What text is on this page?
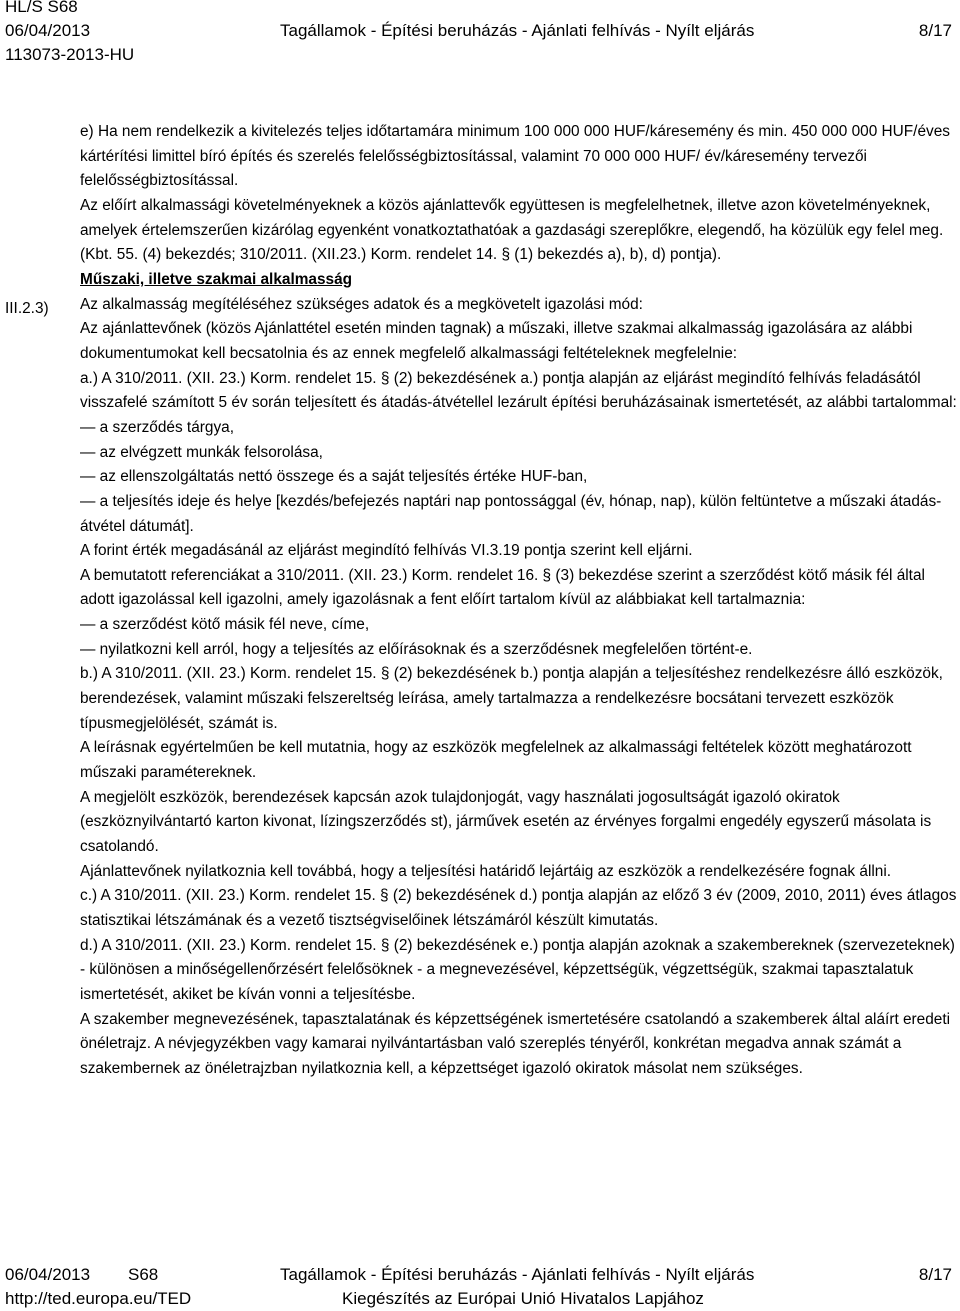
HL/S S68
06/04/2013	Tagállamok - Építési beruházás - Ajánlati felhívás - Nyílt eljárás	8/17
113073-2013-HU
III.2.3)

e) Ha nem rendelkezik a kivitelezés teljes időtartamára minimum 100 000 000 HUF/káresemény és min. 450 000 000 HUF/éves kártérítési limittel bíró építés és szerelés felelősségbiztosítással, valamint 70 000 000 HUF/ év/káresemény tervezői felelősségbiztosítással.

Az előírt alkalmassági követelményeknek a közös ajánlattevők együttesen is megfelelhetnek, illetve azon követelményeknek, amelyek értelemszerűen kizárólag egyenként vonatkoztathatóak a gazdasági szereplőkre, elegendő, ha közülük egy felel meg. (Kbt. 55. (4) bekezdés; 310/2011. (XII.23.) Korm. rendelet 14. § (1) bekezdés a), b), d) pontja).

Műszaki, illetve szakmai alkalmasság

Az alkalmasság megítéléséhez szükséges adatok és a megkövetelt igazolási mód:

Az ajánlattevőnek (közös Ajánlattétel esetén minden tagnak) a műszaki, illetve szakmai alkalmasság igazolására az alábbi dokumentumokat kell becsatolnia és az ennek megfelelő alkalmassági feltételeknek megfelelnie:

a.) A 310/2011. (XII. 23.) Korm. rendelet 15. § (2) bekezdésének a.) pontja alapján az eljárást megindító felhívás feladásától visszafelé számított 5 év során teljesített és átadás-átvétellel lezárult építési beruházásainak ismertetését, az alábbi tartalommal:

— a szerződés tárgya,

— az elvégzett munkák felsorolása,

— az ellenszolgáltatás nettó összege és a saját teljesítés értéke HUF-ban,

— a teljesítés ideje és helye [kezdés/befejezés naptári nap pontossággal (év, hónap, nap), külön feltüntetve a műszaki átadás-átvétel dátumát].

A forint érték megadásánál az eljárást megindító felhívás VI.3.19 pontja szerint kell eljárni.

A bemutatott referenciákat a 310/2011. (XII. 23.) Korm. rendelet 16. § (3) bekezdése szerint a szerződést kötő másik fél által adott igazolással kell igazolni, amely igazolásnak a fent előírt tartalom kívül az alábbiakat kell tartalmaznia:

— a szerződést kötő másik fél neve, címe,

— nyilatkozni kell arról, hogy a teljesítés az előírásoknak és a szerződésnek megfelelően történt-e.

b.) A 310/2011. (XII. 23.) Korm. rendelet 15. § (2) bekezdésének b.) pontja alapján a teljesítéshez rendelkezésre álló eszközök, berendezések, valamint műszaki felszereltség leírása, amely tartalmazza a rendelkezésre bocsátani tervezett eszközök típusmegjelölését, számát is.

A leírásnak egyértelműen be kell mutatnia, hogy az eszközök megfelelnek az alkalmassági feltételek között meghatározott műszaki paramétereknek.

A megjelölt eszközök, berendezések kapcsán azok tulajdonjogát, vagy használati jogosultságát igazoló okiratok (eszköznyilvántartó karton kivonat, lízingszerződés st), járművek esetén az érvényes forgalmi engedély egyszerű másolata is csatolandó.

Ajánlattevőnek nyilatkoznia kell továbbá, hogy a teljesítési határidő lejártáig az eszközök a rendelkezésére fognak állni.

c.) A 310/2011. (XII. 23.) Korm. rendelet 15. § (2) bekezdésének d.) pontja alapján az előző 3 év (2009, 2010, 2011) éves átlagos statisztikai létszámának és a vezető tisztségviselőinek létszámáról készült kimutatás.

d.) A 310/2011. (XII. 23.) Korm. rendelet 15. § (2) bekezdésének e.) pontja alapján azoknak a szakembereknek (szervezeteknek) - különösen a minőségellenőrzésért felelősöknek - a megnevezésével, képzettségük, végzettségük, szakmai tapasztalatuk ismertetését, akiket be kíván vonni a teljesítésbe.

A szakember megnevezésének, tapasztalatának és képzettségének ismertetésére csatolandó a szakemberek által aláírt eredeti önéletrajz. A névjegyzékben vagy kamarai nyilvántartásban való szereplés tényéről, konkrétan megadva annak számát a szakembernek az önéletrajzban nyilatkoznia kell, a képzettséget igazoló okiratok másolat nem szükséges.

06/04/2013 S68	Tagállamok - Építési beruházás - Ajánlati felhívás - Nyílt eljárás	8/17
http://ted.europa.eu/TED	Kiegészítés az Európai Unió Hivatalos Lapjához
